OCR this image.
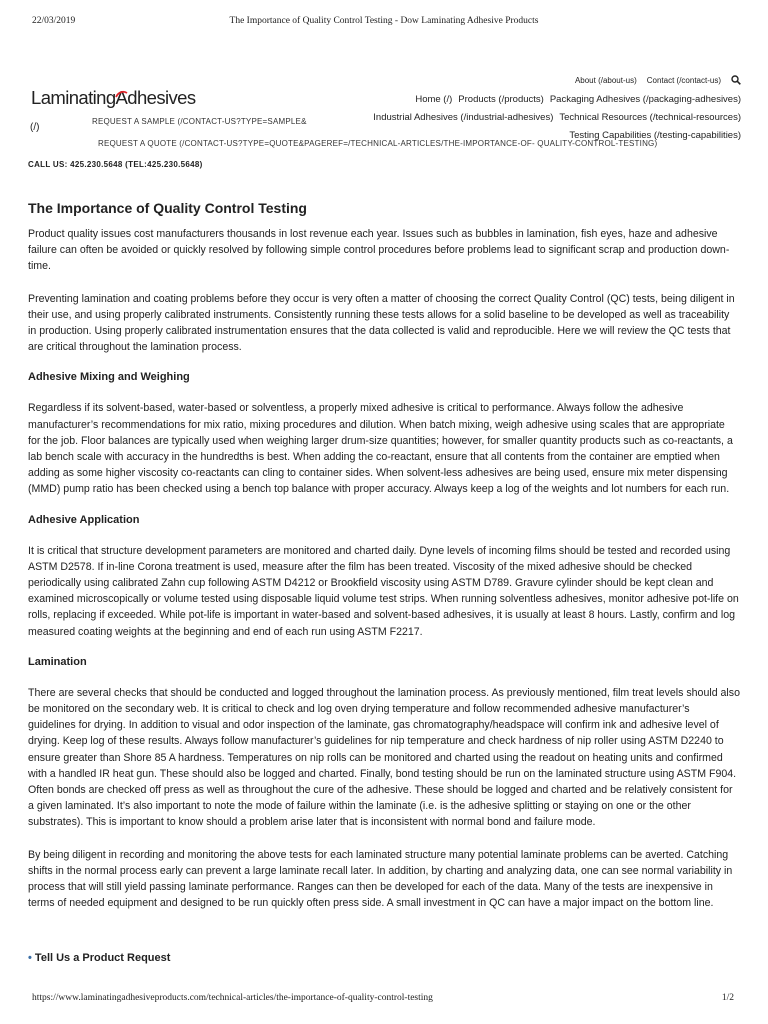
22/03/2019	The Importance of Quality Control Testing - Dow Laminating Adhesive Products
Laminating
Adhesives
About (/about-us) Contact (/contact-us)
Home (/) Products (/products) Packaging Adhesives (/packaging-adhesives)
Industrial Adhesives (/industrial-adhesives) Technical Resources (/technical-resources)
Testing Capabilities (/testing-capabilities)
(/)
REQUEST A SAMPLE (/CONTACT-US?TYPE=SAMPLE&
REQUEST A QUOTE (/CONTACT-US?TYPE=QUOTE&PAGEREF=/TECHNICAL-ARTICLES/THE-IMPORTANCE-OF- QUALITY-CONTROL-TESTING)
CALL US: 425.230.5648 (TEL:425.230.5648)
The Importance of Quality Control Testing

Product quality issues cost manufacturers thousands in lost revenue each year. Issues such as bubbles in lamination, fish eyes, haze and adhesive failure can often be avoided or quickly resolved by following simple control procedures before problems lead to significant scrap and production down-time.

Preventing lamination and coating problems before they occur is very often a matter of choosing the correct Quality Control (QC) tests, being diligent in their use, and using properly calibrated instruments. Consistently running these tests allows for a solid baseline to be developed as well as traceability in production. Using properly calibrated instrumentation ensures that the data collected is valid and reproducible. Here we will review the QC tests that are critical throughout the lamination process.

Adhesive Mixing and Weighing

Regardless if its solvent-based, water-based or solventless, a properly mixed adhesive is critical to performance. Always follow the adhesive manufacturer’s recommendations for mix ratio, mixing procedures and dilution. When batch mixing, weigh adhesive using scales that are appropriate for the job. Floor balances are typically used when weighing larger drum-size quantities; however, for smaller quantity products such as co-reactants, a lab bench scale with accuracy in the hundredths is best. When adding the co-reactant, ensure that all contents from the container are emptied when adding as some higher viscosity co-reactants can cling to container sides. When solvent-less adhesives are being used, ensure mix meter dispensing (MMD) pump ratio has been checked using a bench top balance with proper accuracy. Always keep a log of the weights and lot numbers for each run.

Adhesive Application

It is critical that structure development parameters are monitored and charted daily. Dyne levels of incoming films should be tested and recorded using ASTM D2578. If in-line Corona treatment is used, measure after the film has been treated. Viscosity of the mixed adhesive should be checked periodically using calibrated Zahn cup following ASTM D4212 or Brookfield viscosity using ASTM D789. Gravure cylinder should be kept clean and examined microscopically or volume tested using disposable liquid volume test strips. When running solventless adhesives, monitor adhesive pot-life on rolls, replacing if exceeded. While pot-life is important in water-based and solvent-based adhesives, it is usually at least 8 hours. Lastly, confirm and log measured coating weights at the beginning and end of each run using ASTM F2217.

Lamination

There are several checks that should be conducted and logged throughout the lamination process. As previously mentioned, film treat levels should also be monitored on the secondary web. It is critical to check and log oven drying temperature and follow recommended adhesive manufacturer’s guidelines for drying. In addition to visual and odor inspection of the laminate, gas chromatography/headspace will confirm ink and adhesive level of drying. Keep log of these results. Always follow manufacturer’s guidelines for nip temperature and check hardness of nip roller using ASTM D2240 to ensure greater than Shore 85 A hardness. Temperatures on nip rolls can be monitored and charted using the readout on heating units and confirmed with a handled IR heat gun. These should also be logged and charted. Finally, bond testing should be run on the laminated structure using ASTM F904. Often bonds are checked off press as well as throughout the cure of the adhesive. These should be logged and charted and be relatively consistent for a given laminated. It’s also important to note the mode of failure within the laminate (i.e. is the adhesive splitting or staying on one or the other substrates). This is important to know should a problem arise later that is inconsistent with normal bond and failure mode.

By being diligent in recording and monitoring the above tests for each laminated structure many potential laminate problems can be averted. Catching shifts in the normal process early can prevent a large laminate recall later. In addition, by charting and analyzing data, one can see normal variability in process that will still yield passing laminate performance. Ranges can then be developed for each of the data. Many of the tests are inexpensive in terms of needed equipment and designed to be run quickly often press side. A small investment in QC can have a major impact on the bottom line.

• Tell Us a Product Request
https://www.laminatingadhesiveproducts.com/technical-articles/the-importance-of-quality-control-testing	1/2
